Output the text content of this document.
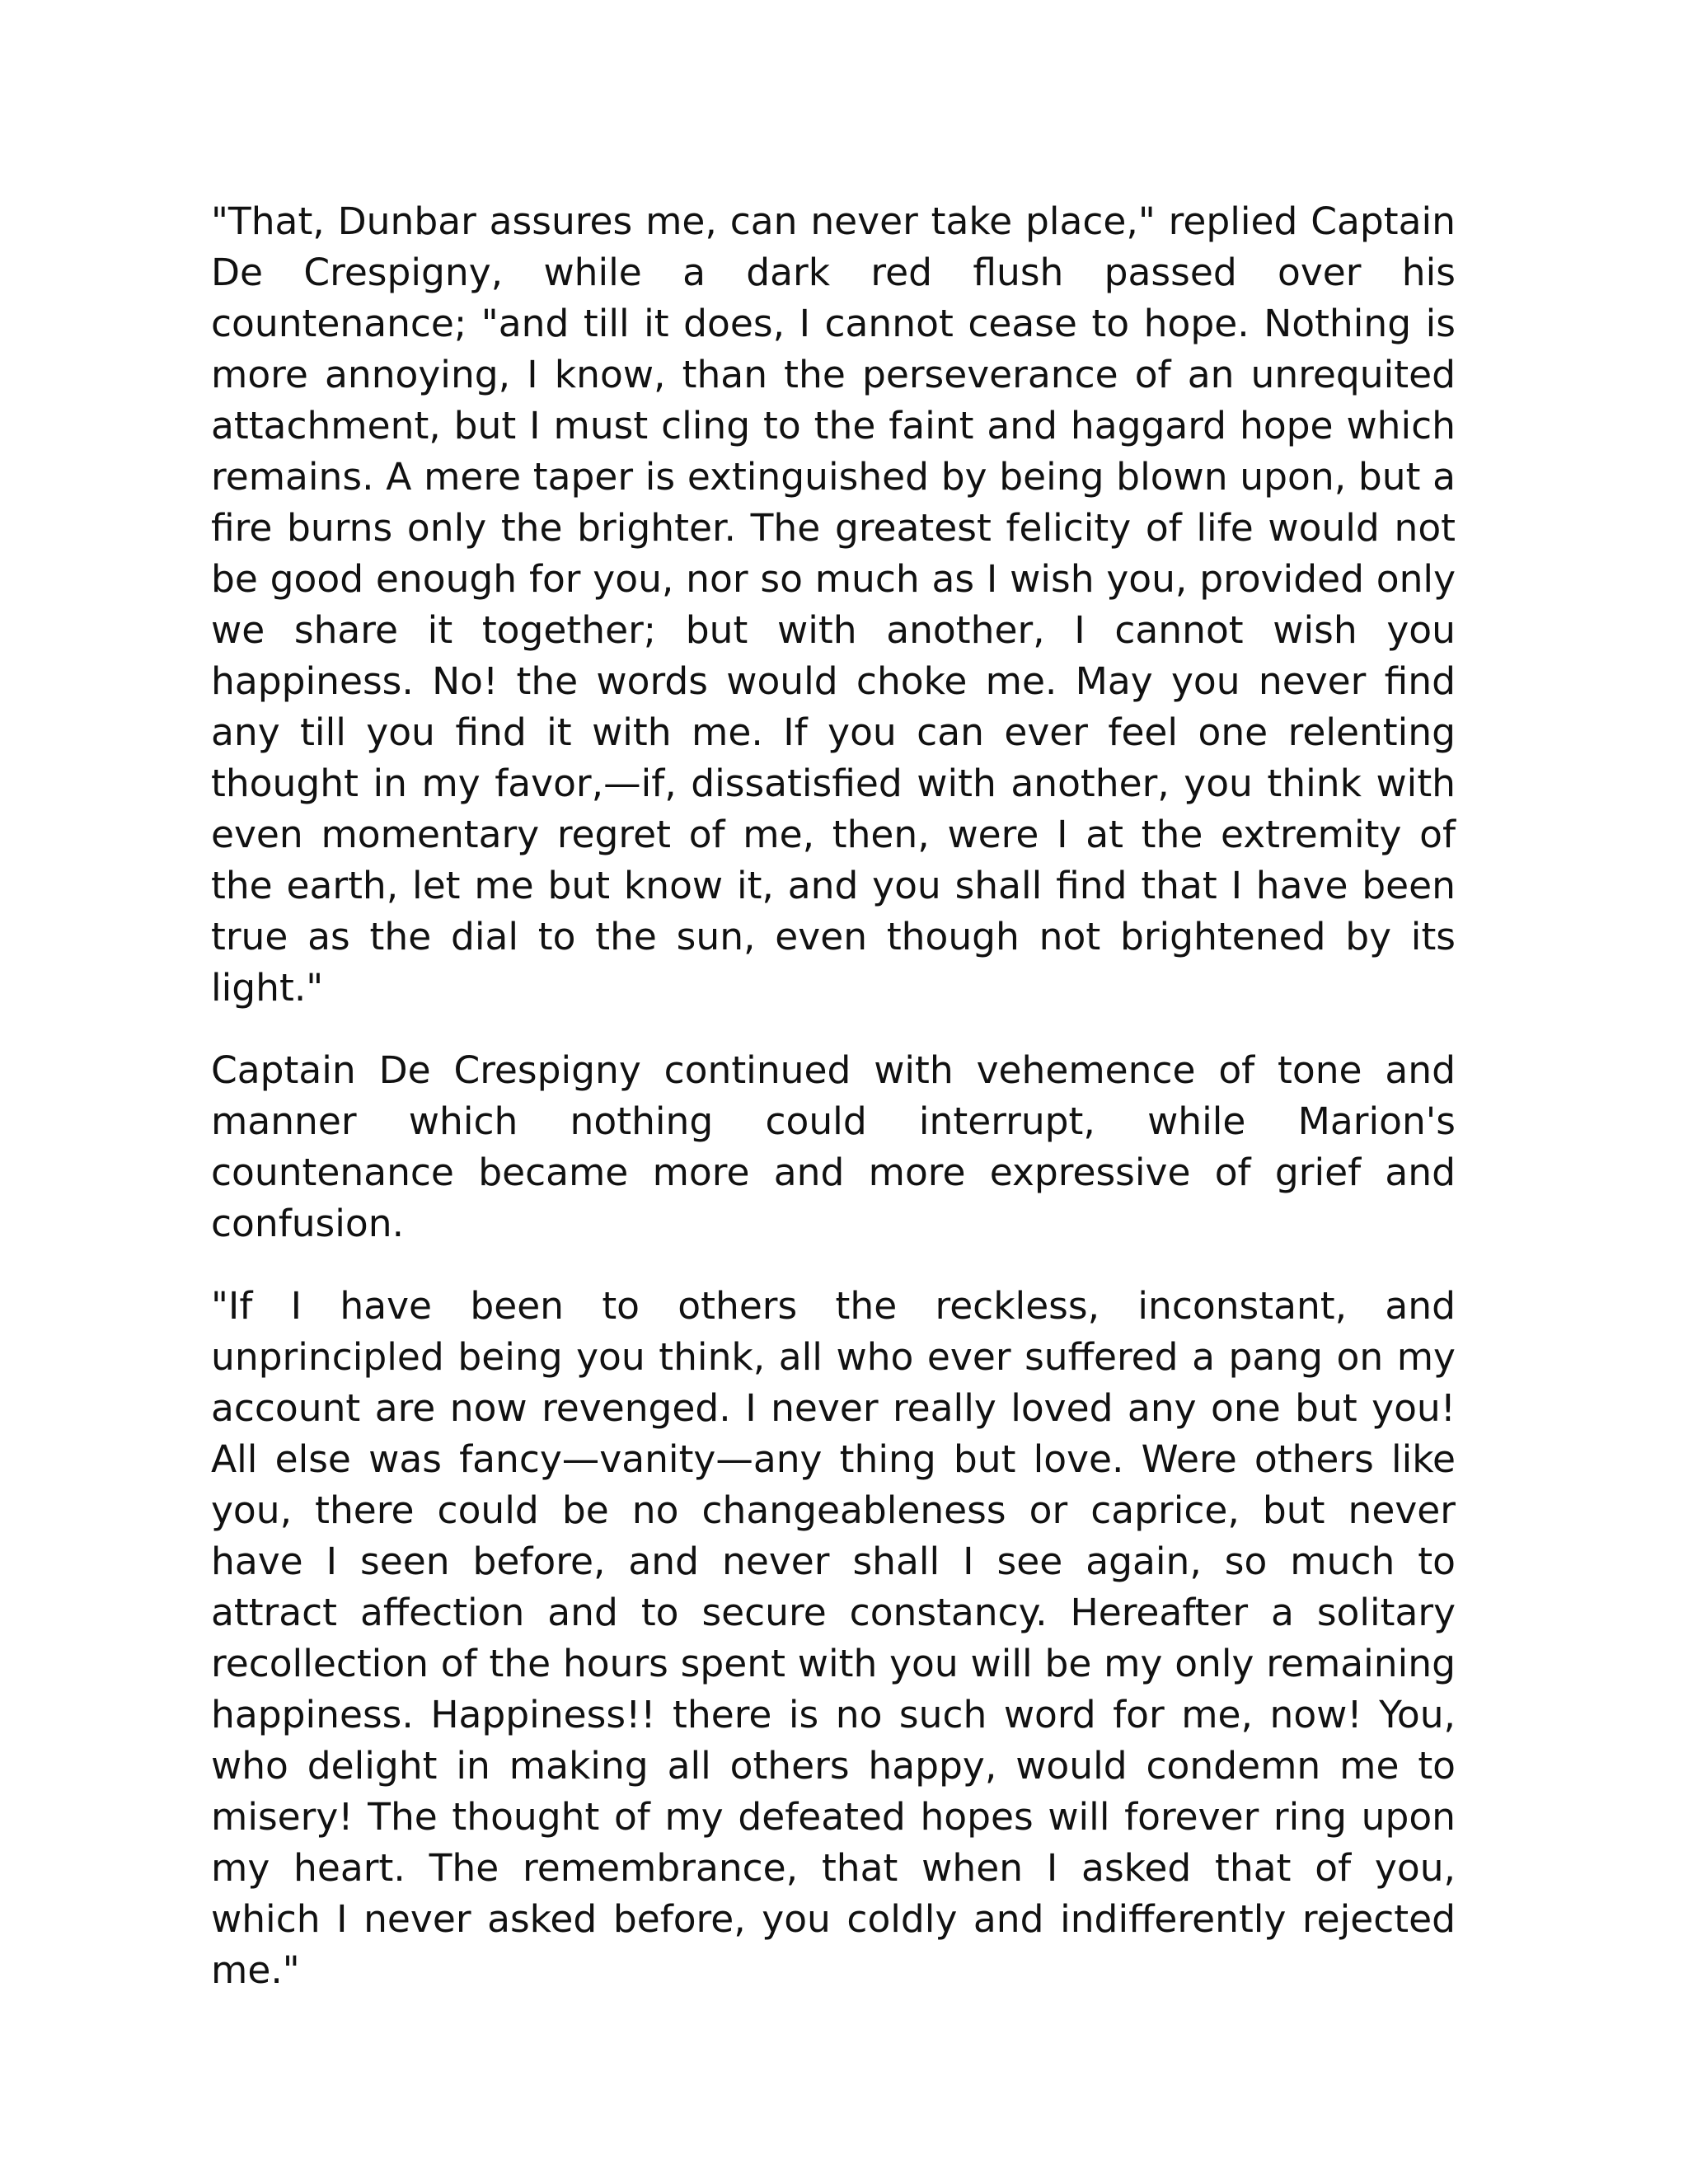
"That, Dunbar assures me, can never take place," replied Captain De Crespigny, while a dark red flush passed over his countenance; "and till it does, I cannot cease to hope. Nothing is more annoying, I know, than the perseverance of an unrequited attachment, but I must cling to the faint and haggard hope which remains. A mere taper is extinguished by being blown upon, but a fire burns only the brighter. The greatest felicity of life would not be good enough for you, nor so much as I wish you, provided only we share it together; but with another, I cannot wish you happiness. No! the words would choke me. May you never find any till you find it with me. If you can ever feel one relenting thought in my favor,—if, dissatisfied with another, you think with even momentary regret of me, then, were I at the extremity of the earth, let me but know it, and you shall find that I have been true as the dial to the sun, even though not brightened by its light."

Captain De Crespigny continued with vehemence of tone and manner which nothing could interrupt, while Marion's countenance became more and more expressive of grief and confusion.

"If I have been to others the reckless, inconstant, and unprincipled being you think, all who ever suffered a pang on my account are now revenged. I never really loved any one but you! All else was fancy—vanity—any thing but love. Were others like you, there could be no changeableness or caprice, but never have I seen before, and never shall I see again, so much to attract affection and to secure constancy. Hereafter a solitary recollection of the hours spent with you will be my only remaining happiness. Happiness!! there is no such word for me, now! You, who delight in making all others happy, would condemn me to misery! The thought of my defeated hopes will forever ring upon my heart. The remembrance, that when I asked that of you, which I never asked before, you coldly and indifferently rejected me."
